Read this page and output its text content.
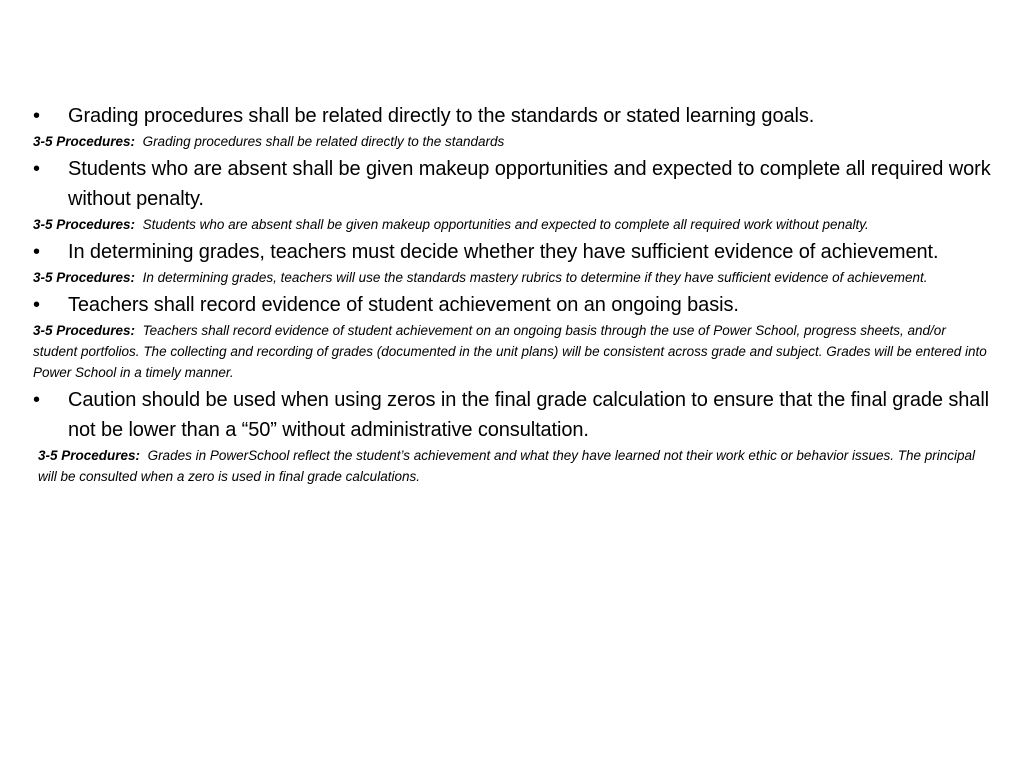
•	Grading procedures shall be related directly to the standards or stated learning goals.
3-5 Procedures: Grading procedures shall be related directly to the standards
•	Students who are absent shall be given makeup opportunities and expected to complete all required work without penalty.
3-5 Procedures: Students who are absent shall be given makeup opportunities and expected to complete all required work without penalty.
•	In determining grades, teachers must decide whether they have sufficient evidence of achievement.
3-5 Procedures: In determining grades, teachers will use the standards mastery rubrics to determine if they have sufficient evidence of achievement.
•	Teachers shall record evidence of student achievement on an ongoing basis.
3-5 Procedures: Teachers shall record evidence of student achievement on an ongoing basis through the use of Power School, progress sheets, and/or student portfolios. The collecting and recording of grades (documented in the unit plans) will be consistent across grade and subject. Grades will be entered into Power School in a timely manner.
•	Caution should be used when using zeros in the final grade calculation to ensure that the final grade shall not be lower than a “50” without administrative consultation.
3-5 Procedures: Grades in PowerSchool reflect the student’s achievement and what they have learned not their work ethic or behavior issues. The principal will be consulted when a zero is used in final grade calculations.
